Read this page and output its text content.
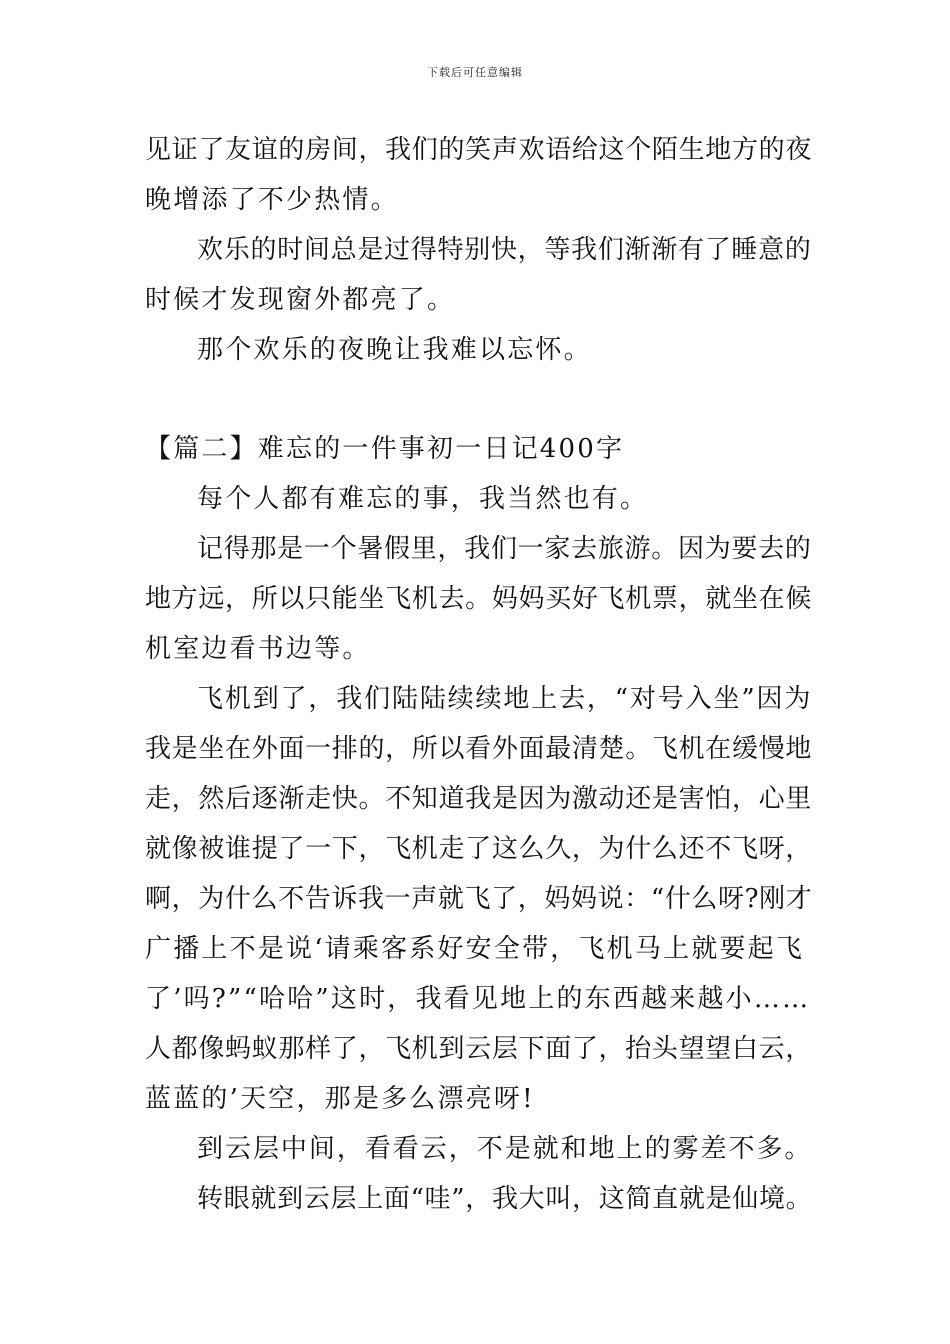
下载后可任意编辑
见证了友谊的房间，我们的笑声欢语给这个陌生地方的夜
晚增添了不少热情。
欢乐的时间总是过得特别快，等我们渐渐有了睡意的
时候才发现窗外都亮了。
那个欢乐的夜晚让我难以忘怀。
【篇二】难忘的一件事初一日记400字
每个人都有难忘的事，我当然也有。
记得那是一个暑假里，我们一家去旅游。因为要去的
地方远，所以只能坐飞机去。妈妈买好飞机票，就坐在候
机室边看书边等。
飞机到了，我们陆陆续续地上去，“对号入坐”因为
我是坐在外面一排的，所以看外面最清楚。飞机在缓慢地
走，然后逐渐走快。不知道我是因为激动还是害怕，心里
就像被谁提了一下，飞机走了这么久，为什么还不飞呀，
啊，为什么不告诉我一声就飞了，妈妈说：“什么呀?刚才
广播上不是说‘请乘客系好安全带，飞机马上就要起飞
了’吗?”“哈哈”这时，我看见地上的东西越来越小……
人都像蚂蚁那样了，飞机到云层下面了，抬头望望白云，
蓝蓝的’天空，那是多么漂亮呀!
到云层中间，看看云，不是就和地上的雾差不多。
转眼就到云层上面“哇”，我大叫，这简直就是仙境。
